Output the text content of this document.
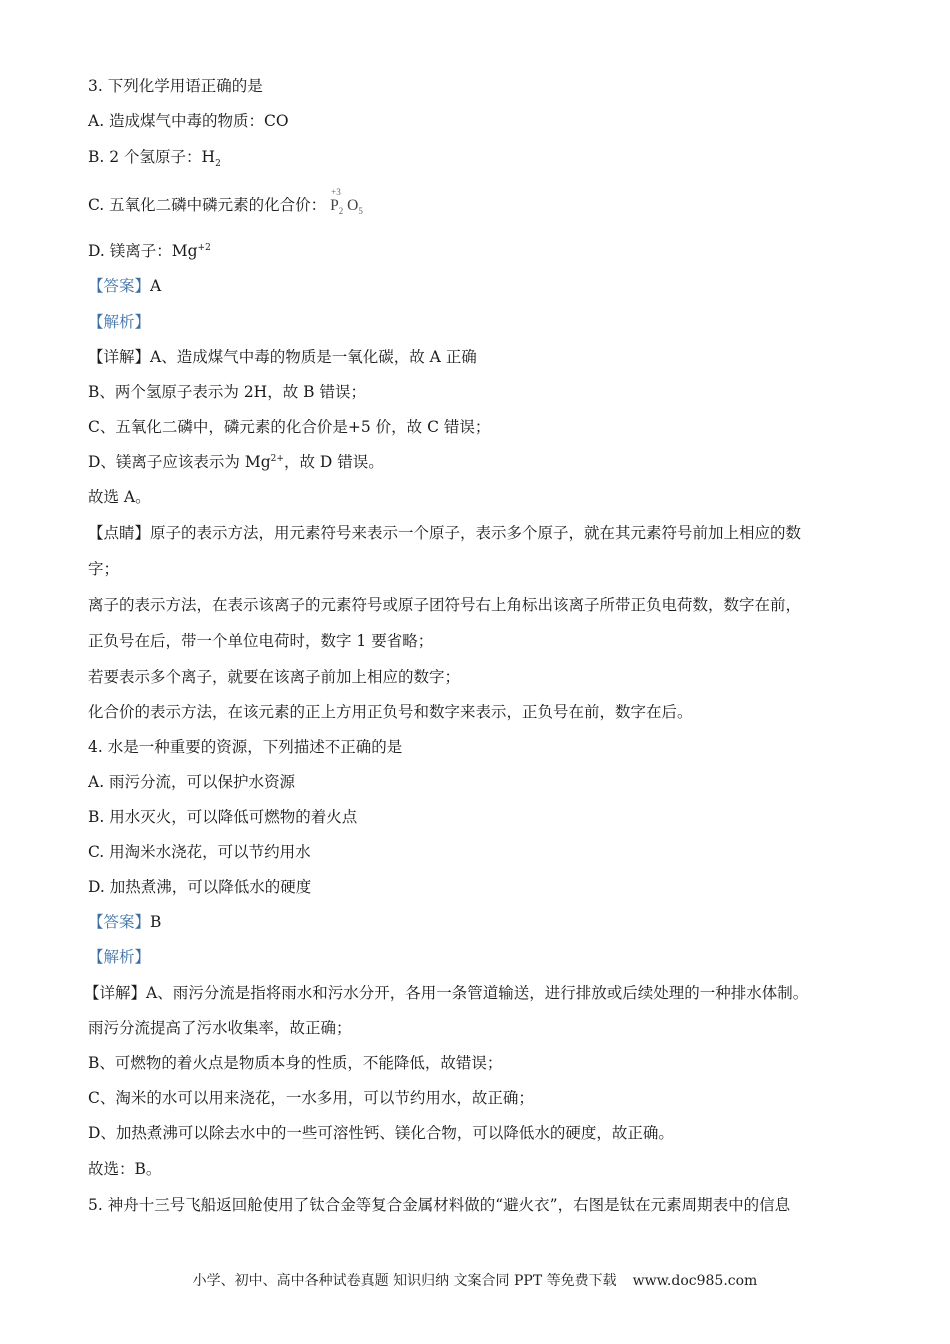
3. 下列化学用语正确的是
A. 造成煤气中毒的物质：CO
B. 2 个氢原子：$H_2$
C. 五氧化二磷中磷元素的化合价：
+3
$P_2$ $O_5$
D. 镁离子：$Mg^{+2}$
【答案】A
【解析】
【详解】A、造成煤气中毒的物质是一氧化碳，故 A 正确
B、两个氢原子表示为 2H，故 B 错误；
C、五氧化二磷中，磷元素的化合价是+5 价，故 C 错误；
D、镁离子应该表示为 $Mg^{2+}$，故 D 错误。
故选 A。
【点睛】原子的表示方法，用元素符号来表示一个原子，表示多个原子，就在其元素符号前加上相应的数
字；
离子的表示方法，在表示该离子的元素符号或原子团符号右上角标出该离子所带正负电荷数，数字在前，
正负号在后，带一个单位电荷时，数字 1 要省略；
若要表示多个离子，就要在该离子前加上相应的数字；
化合价的表示方法，在该元素的正上方用正负号和数字来表示，正负号在前，数字在后。
4. 水是一种重要的资源，下列描述不正确的是
A. 雨污分流，可以保护水资源
B. 用水灭火，可以降低可燃物的着火点
C. 用淘米水浇花，可以节约用水
D. 加热煮沸，可以降低水的硬度
【答案】B
【解析】
【详解】A、雨污分流是指将雨水和污水分开，各用一条管道输送，进行排放或后续处理的一种排水体制。
雨污分流提高了污水收集率，故正确；
B、可燃物的着火点是物质本身的性质，不能降低，故错误；
C、淘米的水可以用来浇花，一水多用，可以节约用水，故正确；
D、加热煮沸可以除去水中的一些可溶性钙、镁化合物，可以降低水的硬度，故正确。
故选：B。
5. 神舟十三号飞船返回舱使用了钛合金等复合金属材料做的“避火衣”，右图是钛在元素周期表中的信息
小学、初中、高中各种试卷真题 知识归纳 文案合同 PPT 等免费下载 www.doc985.com
